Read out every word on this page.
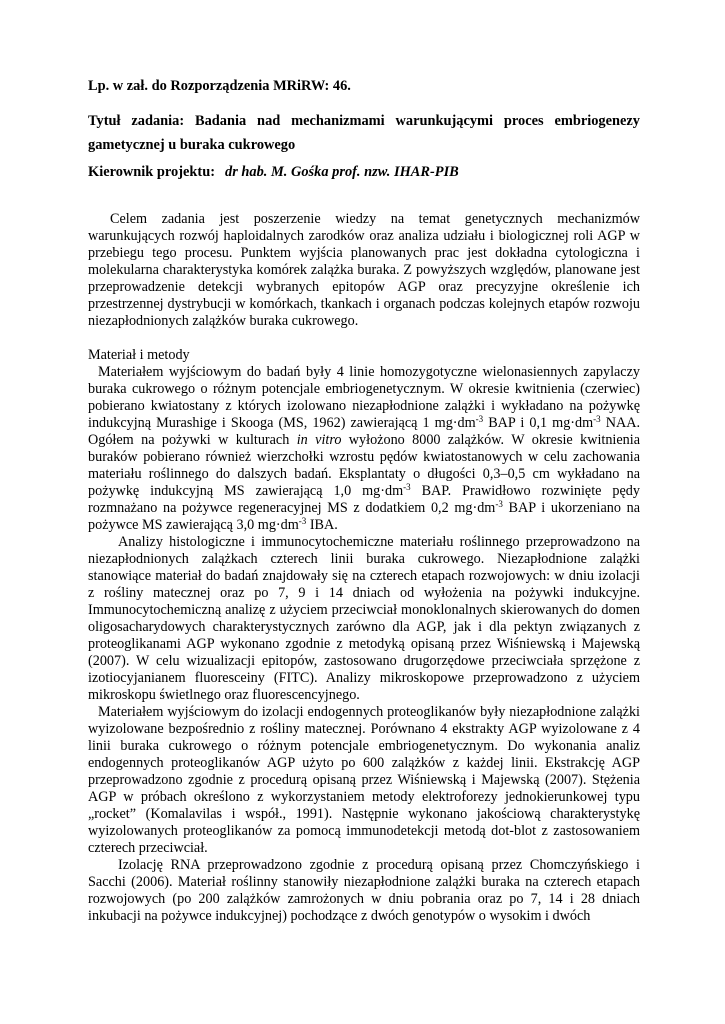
Lp. w zał. do Rozporządzenia MRiRW: 46.

Tytuł zadania: Badania nad mechanizmami warunkującymi proces embriogenezy

gametycznej u buraka cukrowego

Kierownik projektu: dr hab. M. Gośka prof. nzw. IHAR-PIB

Celem zadania jest poszerzenie wiedzy na temat genetycznych mechanizmów warunkujących rozwój haploidalnych zarodków oraz analiza udziału i biologicznej roli AGP w przebiegu tego procesu. Punktem wyjścia planowanych prac jest dokładna cytologiczna i molekularna charakterystyka komórek zalążka buraka. Z powyższych względów, planowane jest przeprowadzenie detekcji wybranych epitopów AGP oraz precyzyjne określenie ich przestrzennej dystrybucji w komórkach, tkankach i organach podczas kolejnych etapów rozwoju niezapłodnionych zalążków buraka cukrowego.

Materiał i metody

Materiałem wyjściowym do badań były 4 linie homozygotyczne wielonasiennych zapylaczy buraka cukrowego o różnym potencjale embriogenetycznym. W okresie kwitnienia (czerwiec) pobierano kwiatostany z których izolowano niezapłodnione zalążki i wykładano na pożywkę indukcyjną Murashige i Skooga (MS, 1962) zawierającą 1 $mg\cdot dm^{-3}$ BAP i 0,1 $mg\cdot dm^{-3}$ NAA. Ogółem na pożywki w kulturach in vitro wyłożono 8000 zalążków. W okresie kwitnienia buraków pobierano również wierzchołki wzrostu pędów kwiatostanowych w celu zachowania materiału roślinnego do dalszych badań. Eksplantaty o długości 0,3–0,5 cm wykładano na pożywkę indukcyjną MS zawierającą 1,0 $mg\cdot dm^{-3}$ BAP. Prawidłowo rozwinięte pędy rozmnażano na pożywce regeneracyjnej MS z dodatkiem 0,2 $mg\cdot dm^{-3}$ BAP i ukorzeniano na pożywce MS zawierającą 3,0 $mg\cdot dm^{-3}$ IBA.

Analizy histologiczne i immunocytochemiczne materiału roślinnego przeprowadzono na niezapłodnionych zalążkach czterech linii buraka cukrowego. Niezapłodnione zalążki stanowiące materiał do badań znajdowały się na czterech etapach rozwojowych: w dniu izolacji z rośliny matecznej oraz po 7, 9 i 14 dniach od wyłożenia na pożywki indukcyjne. Immunocytochemiczną analizę z użyciem przeciwciał monoklonalnych skierowanych do domen oligosacharydowych charakterystycznych zarówno dla AGP, jak i dla pektyn związanych z proteoglikanami AGP wykonano zgodnie z metodyką opisaną przez Wiśniewską i Majewską (2007). W celu wizualizacji epitopów, zastosowano drugorzędowe przeciwciała sprzężone z izotiocyjanianem fluoresceiny (FITC). Analizy mikroskopowe przeprowadzono z użyciem mikroskopu świetlnego oraz fluorescencyjnego.

Materiałem wyjściowym do izolacji endogennych proteoglikanów były niezapłodnione zalążki wyizolowane bezpośrednio z rośliny matecznej. Porównano 4 ekstrakty AGP wyizolowane z 4 linii buraka cukrowego o różnym potencjale embriogenetycznym. Do wykonania analiz endogennych proteoglikanów AGP użyto po 600 zalążków z każdej linii. Ekstrakcję AGP przeprowadzono zgodnie z procedurą opisaną przez Wiśniewską i Majewską (2007). Stężenia AGP w próbach określono z wykorzystaniem metody elektroforezy jednokierunkowej typu „rocket” (Komalavilas i współ., 1991). Następnie wykonano jakościową charakterystykę wyizolowanych proteoglikanów za pomocą immunodetekcji metodą dot-blot z zastosowaniem czterech przeciwciał.

Izolację RNA przeprowadzono zgodnie z procedurą opisaną przez Chomczyńskiego i Sacchi (2006). Materiał roślinny stanowiły niezapłodnione zalążki buraka na czterech etapach rozwojowych (po 200 zalążków zamrożonych w dniu pobrania oraz po 7, 14 i 28 dniach inkubacji na pożywce indukcyjnej) pochodzące z dwóch genotypów o wysokim i dwóch
